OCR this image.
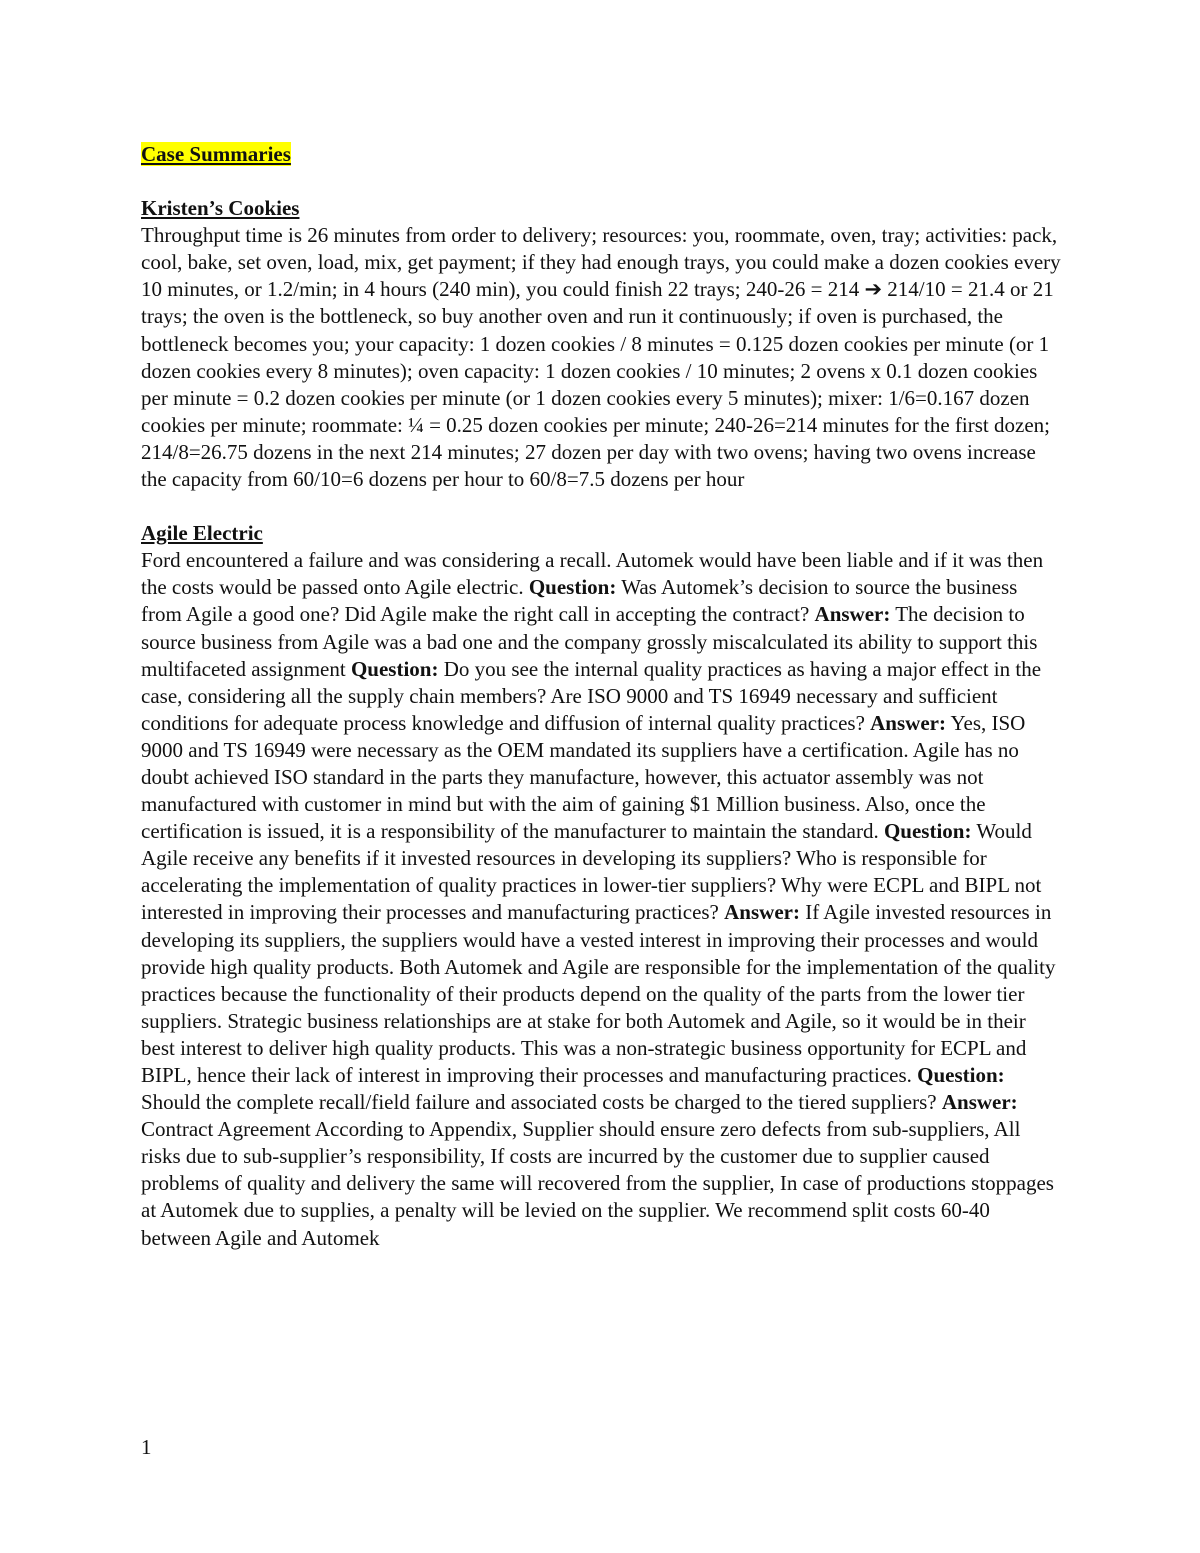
Case Summaries
Kristen’s Cookies

Throughput time is 26 minutes from order to delivery; resources: you, roommate, oven, tray; activities: pack, cool, bake, set oven, load, mix, get payment; if they had enough trays, you could make a dozen cookies every 10 minutes, or 1.2/min; in 4 hours (240 min), you could finish 22 trays; 240-26 = 214 ➔ 214/10 = 21.4 or 21 trays; the oven is the bottleneck, so buy another oven and run it continuously; if oven is purchased, the bottleneck becomes you; your capacity: 1 dozen cookies / 8 minutes = 0.125 dozen cookies per minute (or 1 dozen cookies every 8 minutes); oven capacity: 1 dozen cookies / 10 minutes; 2 ovens x 0.1 dozen cookies per minute = 0.2 dozen cookies per minute (or 1 dozen cookies every 5 minutes); mixer: 1/6=0.167 dozen cookies per minute; roommate: ¼ = 0.25 dozen cookies per minute; 240-26=214 minutes for the first dozen; 214/8=26.75 dozens in the next 214 minutes; 27 dozen per day with two ovens; having two ovens increase the capacity from 60/10=6 dozens per hour to 60/8=7.5 dozens per hour

Agile Electric

Ford encountered a failure and was considering a recall. Automek would have been liable and if it was then the costs would be passed onto Agile electric. Question: Was Automek’s decision to source the business from Agile a good one? Did Agile make the right call in accepting the contract? Answer: The decision to source business from Agile was a bad one and the company grossly miscalculated its ability to support this multifaceted assignment Question: Do you see the internal quality practices as having a major effect in the case, considering all the supply chain members? Are ISO 9000 and TS 16949 necessary and sufficient conditions for adequate process knowledge and diffusion of internal quality practices? Answer: Yes, ISO 9000 and TS 16949 were necessary as the OEM mandated its suppliers have a certification. Agile has no doubt achieved ISO standard in the parts they manufacture, however, this actuator assembly was not manufactured with customer in mind but with the aim of gaining $1 Million business. Also, once the certification is issued, it is a responsibility of the manufacturer to maintain the standard. Question: Would Agile receive any benefits if it invested resources in developing its suppliers? Who is responsible for accelerating the implementation of quality practices in lower-tier suppliers? Why were ECPL and BIPL not interested in improving their processes and manufacturing practices? Answer: If Agile invested resources in developing its suppliers, the suppliers would have a vested interest in improving their processes and would provide high quality products. Both Automek and Agile are responsible for the implementation of the quality practices because the functionality of their products depend on the quality of the parts from the lower tier suppliers. Strategic business relationships are at stake for both Automek and Agile, so it would be in their best interest to deliver high quality products. This was a non-strategic business opportunity for ECPL and BIPL, hence their lack of interest in improving their processes and manufacturing practices. Question: Should the complete recall/field failure and associated costs be charged to the tiered suppliers? Answer: Contract Agreement According to Appendix, Supplier should ensure zero defects from sub-suppliers, All risks due to sub-supplier’s responsibility, If costs are incurred by the customer due to supplier caused problems of quality and delivery the same will recovered from the supplier, In case of productions stoppages at Automek due to supplies, a penalty will be levied on the supplier. We recommend split costs 60-40 between Agile and Automek

1
